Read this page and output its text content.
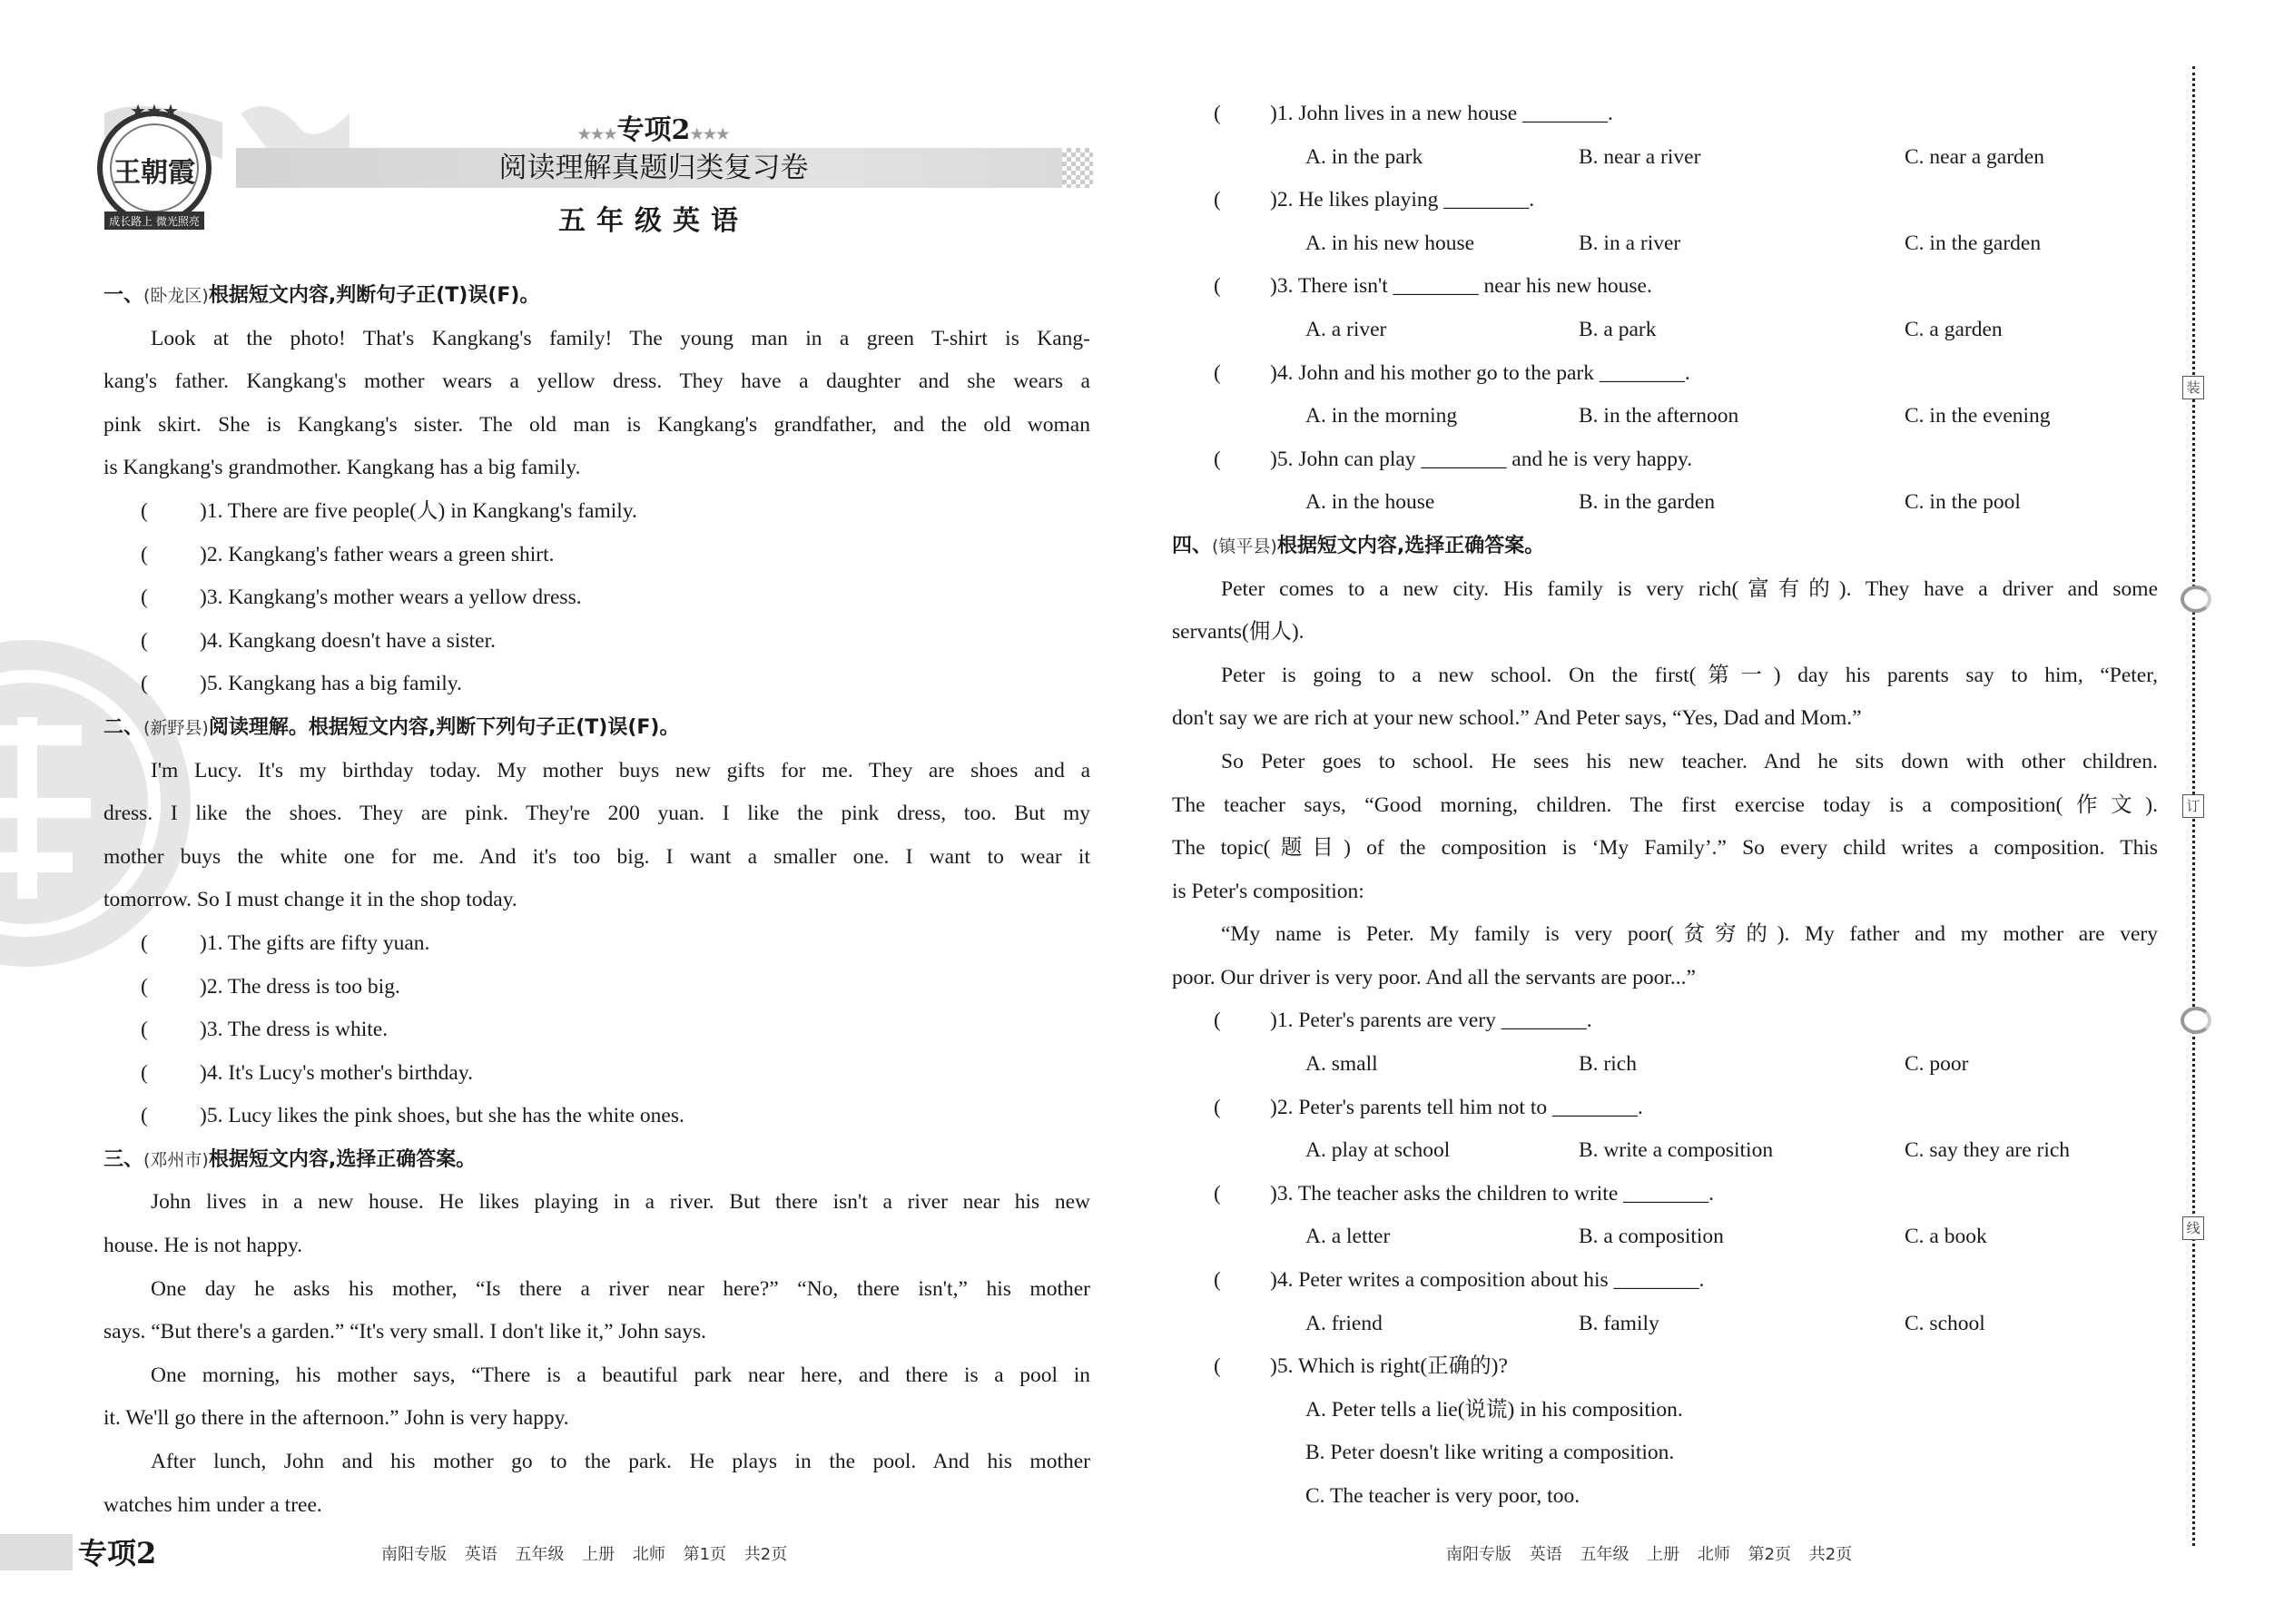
★★★
王朝霞
成长路上 微光照亮
★★★专项2★★★
阅读理解真题归类复习卷
五年级英语
一、(卧龙区)根据短文内容,判断句子正(T)误(F)。
Look at the photo! That's Kangkang's family! The young man in a green T-shirt is Kang-
kang's father. Kangkang's mother wears a yellow dress. They have a daughter and she wears a
pink skirt. She is Kangkang's sister. The old man is Kangkang's grandfather, and the old woman
is Kangkang's grandmother. Kangkang has a big family.
( )1. There are five people(人) in Kangkang's family.
( )2. Kangkang's father wears a green shirt.
( )3. Kangkang's mother wears a yellow dress.
( )4. Kangkang doesn't have a sister.
( )5. Kangkang has a big family.
二、(新野县)阅读理解。根据短文内容,判断下列句子正(T)误(F)。
I'm Lucy. It's my birthday today. My mother buys new gifts for me. They are shoes and a
dress. I like the shoes. They are pink. They're 200 yuan. I like the pink dress, too. But my
mother buys the white one for me. And it's too big. I want a smaller one. I want to wear it
tomorrow. So I must change it in the shop today.
( )1. The gifts are fifty yuan.
( )2. The dress is too big.
( )3. The dress is white.
( )4. It's Lucy's mother's birthday.
( )5. Lucy likes the pink shoes, but she has the white ones.
三、(邓州市)根据短文内容,选择正确答案。
John lives in a new house. He likes playing in a river. But there isn't a river near his new
house. He is not happy.
One day he asks his mother, “Is there a river near here?” “No, there isn't,” his mother
says. “But there's a garden.” “It's very small. I don't like it,” John says.
One morning, his mother says, “There is a beautiful park near here, and there is a pool in
it. We'll go there in the afternoon.” John is very happy.
After lunch, John and his mother go to the park. He plays in the pool. And his mother
watches him under a tree.
( )1. John lives in a new house ________.
A. in the park	B. near a river	C. near a garden
( )2. He likes playing ________.
A. in his new house	B. in a river	C. in the garden
( )3. There isn't ________ near his new house.
A. a river	B. a park	C. a garden
( )4. John and his mother go to the park ________.
A. in the morning	B. in the afternoon	C. in the evening
( )5. John can play ________ and he is very happy.
A. in the house	B. in the garden	C. in the pool
四、(镇平县)根据短文内容,选择正确答案。
Peter comes to a new city. His family is very rich(富有的). They have a driver and some
servants(佣人).
Peter is going to a new school. On the first(第一) day his parents say to him, “Peter,
don't say we are rich at your new school.” And Peter says, “Yes, Dad and Mom.”
So Peter goes to school. He sees his new teacher. And he sits down with other children.
The teacher says, “Good morning, children. The first exercise today is a composition(作文).
The topic(题目) of the composition is ‘My Family’.” So every child writes a composition. This
is Peter's composition:
“My name is Peter. My family is very poor(贫穷的). My father and my mother are very
poor. Our driver is very poor. And all the servants are poor...”
( )1. Peter's parents are very ________.
A. small	B. rich	C. poor
( )2. Peter's parents tell him not to ________.
A. play at school	B. write a composition	C. say they are rich
( )3. The teacher asks the children to write ________.
A. a letter	B. a composition	C. a book
( )4. Peter writes a composition about his ________.
A. friend	B. family	C. school
( )5. Which is right(正确的)?
A. Peter tells a lie(说谎) in his composition.
B. Peter doesn't like writing a composition.
C. The teacher is very poor, too.
装
订
线
专项2	南阳专版 英语 五年级 上册 北师 第1页 共2页	南阳专版 英语 五年级 上册 北师 第2页 共2页
